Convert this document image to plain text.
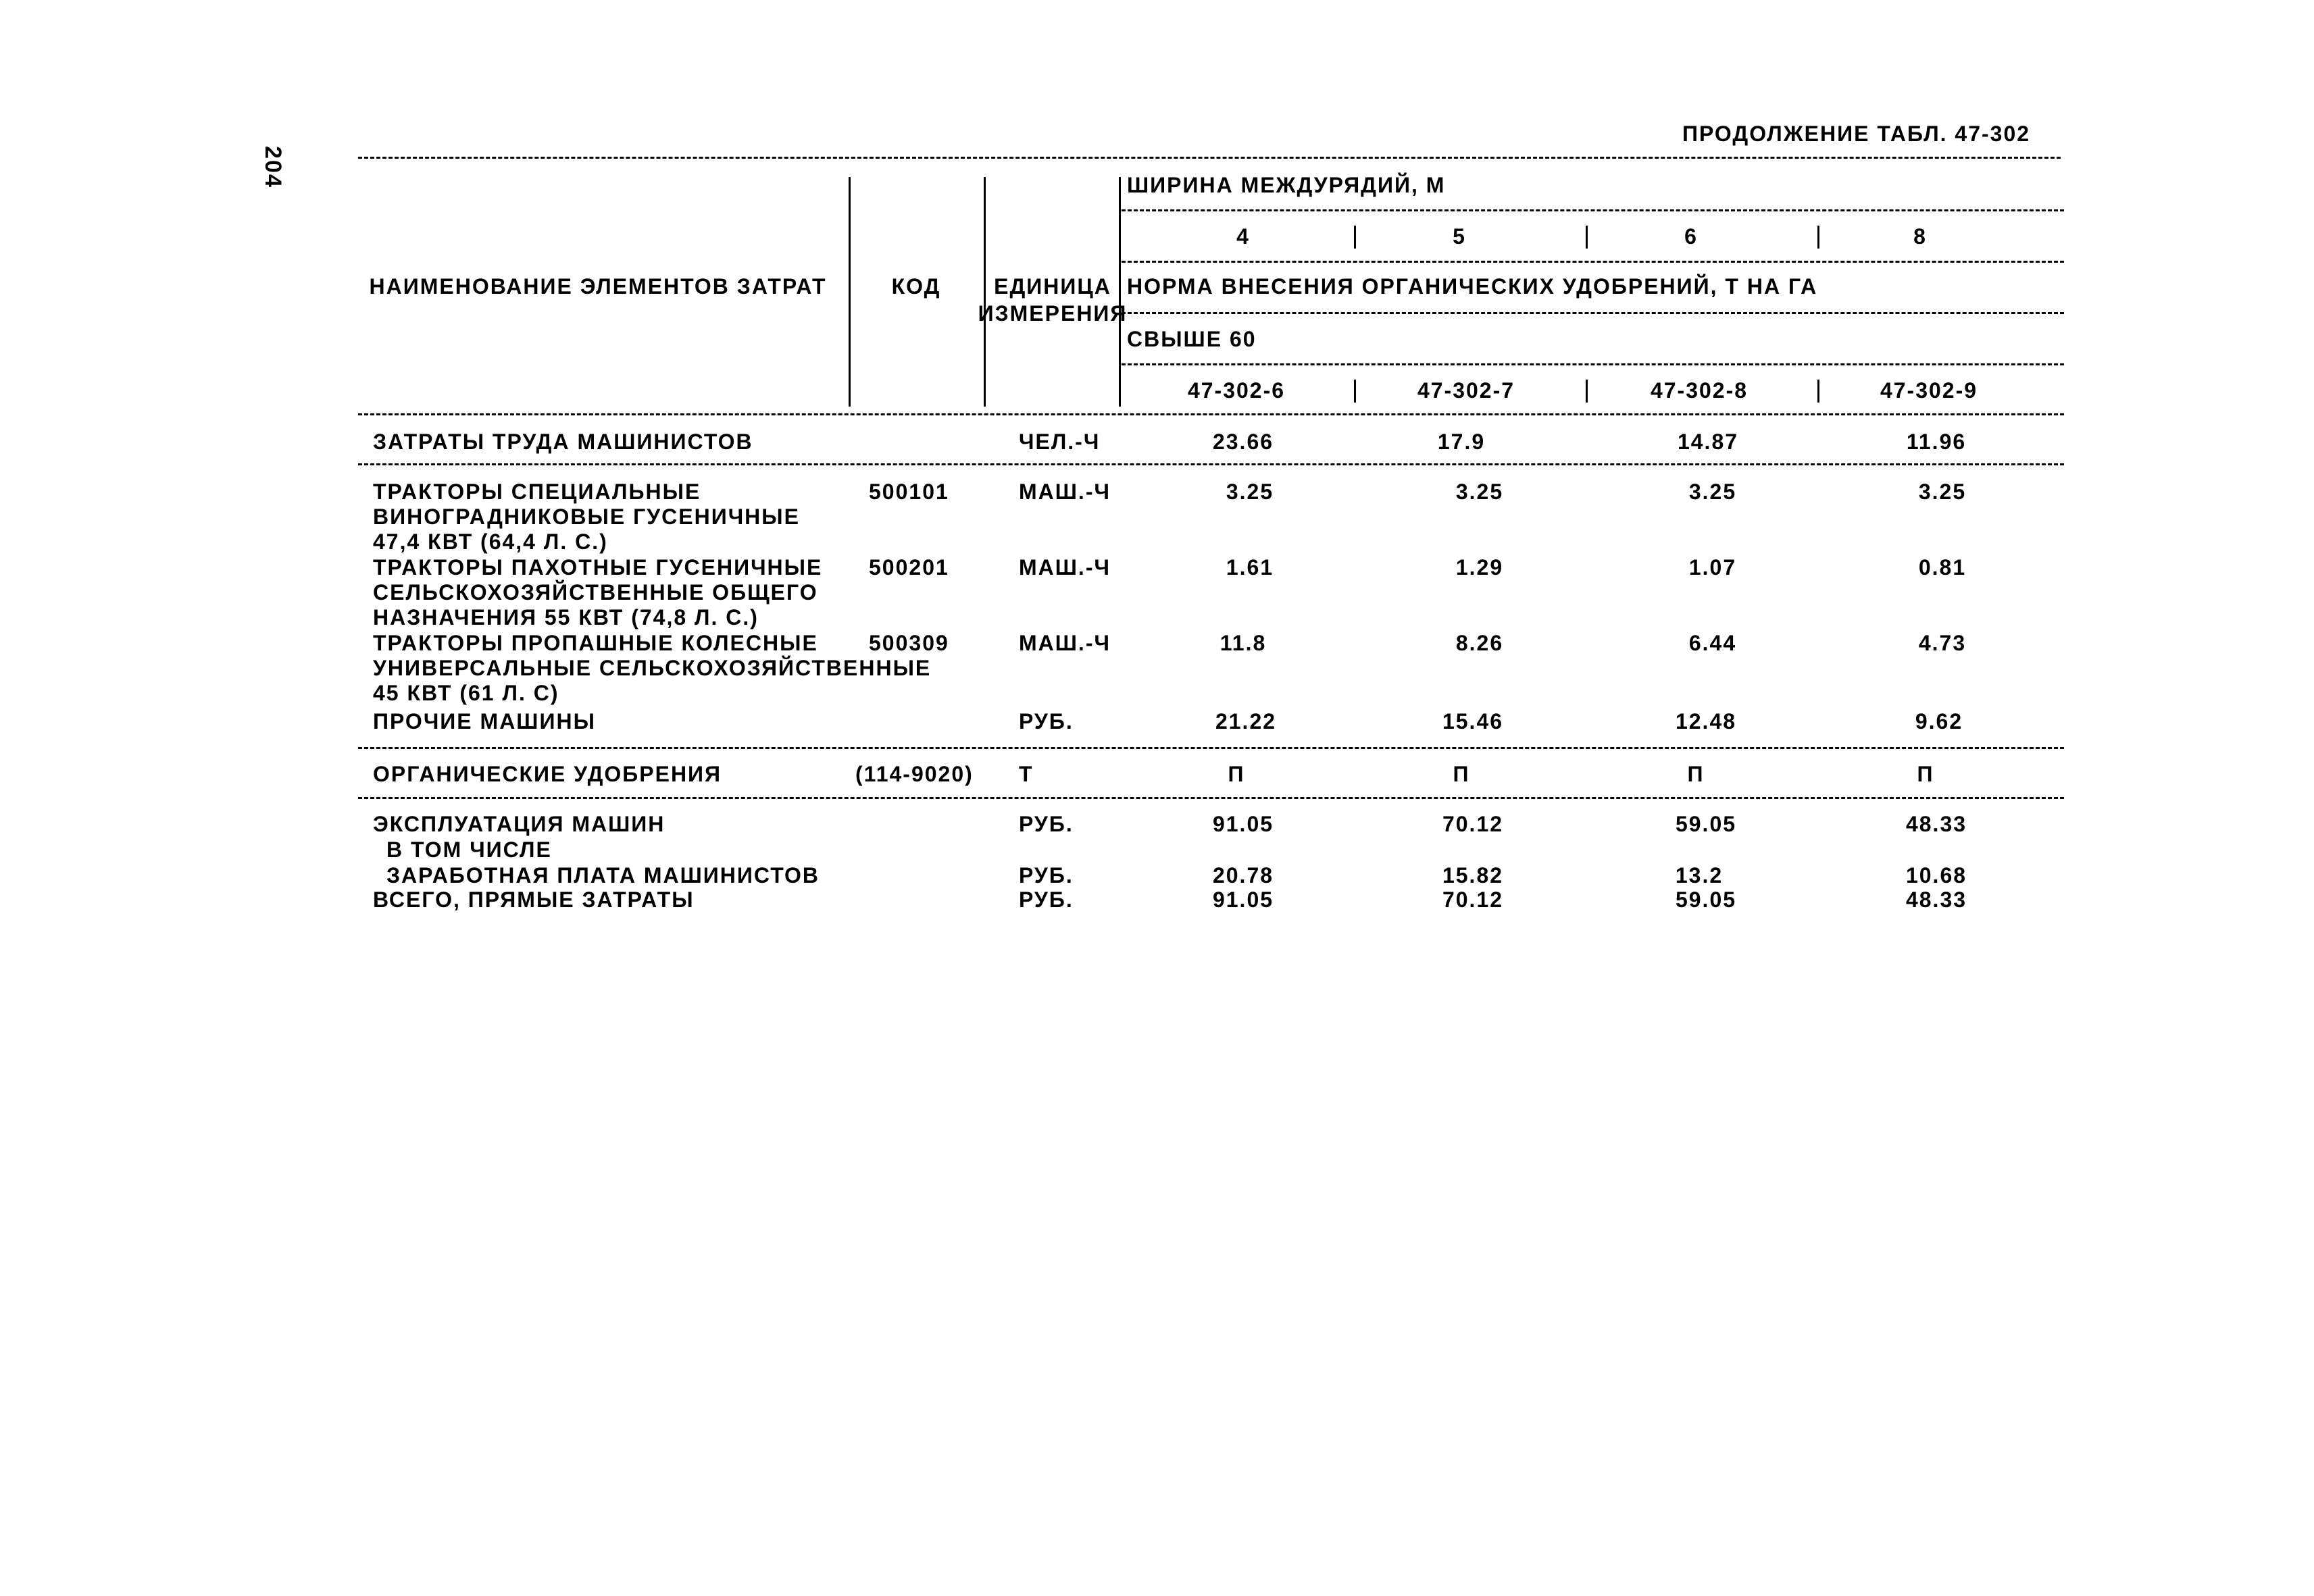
204
ПРОДОЛЖЕНИЕ ТАБЛ. 47-302
НАИМЕНОВАНИЕ ЭЛЕМЕНТОВ ЗАТРАТ	КОД ЕДИНИЦА
ИЗМЕРЕНИЯ
ШИРИНА МЕЖДУРЯДИЙ, М
4	5	6	8
НОРМА ВНЕСЕНИЯ ОРГАНИЧЕСКИХ УДОБРЕНИЙ, Т НА ГА
СВЫШЕ 60
47-302-6	47-302-7	47-302-8	47-302-9
ЗАТРАТЫ ТРУДА МАШИНИСТОВ	ЧЕЛ.-Ч	23.66	17.9	14.87	11.96
ТРАКТОРЫ СПЕЦИАЛЬНЫЕ
ВИНОГРАДНИКОВЫЕ ГУСЕНИЧНЫЕ
47,4 КВТ (64,4 Л. С.)
500101	МАШ.-Ч	3.25	3.25	3.25	3.25
ТРАКТОРЫ ПАХОТНЫЕ ГУСЕНИЧНЫЕ
СЕЛЬСКОХОЗЯЙСТВЕННЫЕ ОБЩЕГО
НАЗНАЧЕНИЯ 55 КВТ (74,8 Л. С.)
500201	МАШ.-Ч	1.61	1.29	1.07	0.81
ТРАКТОРЫ ПРОПАШНЫЕ КОЛЕСНЫЕ
УНИВЕРСАЛЬНЫЕ СЕЛЬСКОХОЗЯЙСТВЕННЫЕ
45 КВТ (61 Л. С)
500309	МАШ.-Ч	11.8	8.26	6.44	4.73
ПРОЧИЕ МАШИНЫ	РУБ.	21.22	15.46	12.48	9.62
ОРГАНИЧЕСКИЕ УДОБРЕНИЯ	(114-9020) Т	П	П	П	П
ЭКСПЛУАТАЦИЯ МАШИН	РУБ.	91.05	70.12	59.05	48.33
В ТОМ ЧИСЛЕ
ЗАРАБОТНАЯ ПЛАТА МАШИНИСТОВ	РУБ.	20.78	15.82	13.2	10.68
ВСЕГО, ПРЯМЫЕ ЗАТРАТЫ	РУБ.	91.05	70.12	59.05	48.33
